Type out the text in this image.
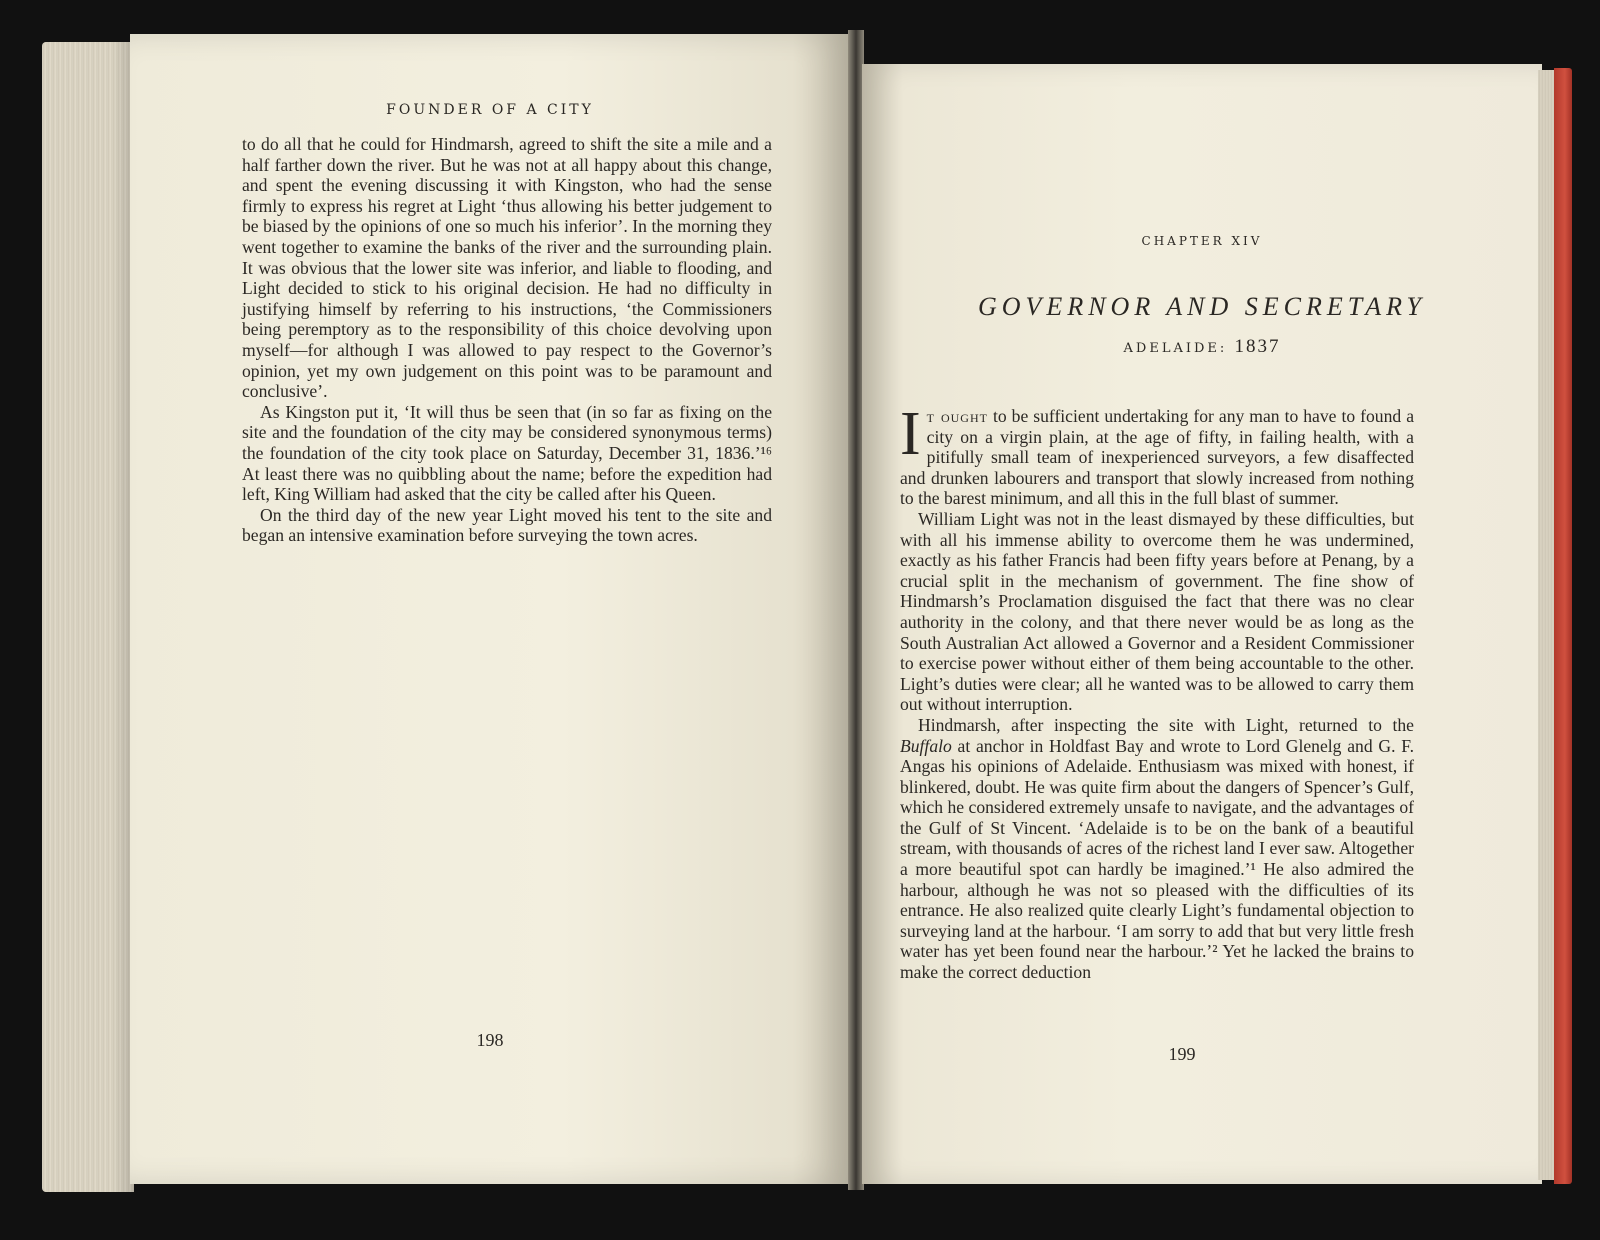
FOUNDER OF A CITY

to do all that he could for Hindmarsh, agreed to shift the site a mile and a half farther down the river. But he was not at all happy about this change, and spent the evening discussing it with Kingston, who had the sense firmly to express his regret at Light ‘thus allowing his better judgement to be biased by the opinions of one so much his inferior’. In the morning they went together to examine the banks of the river and the surrounding plain. It was obvious that the lower site was inferior, and liable to flooding, and Light decided to stick to his original decision. He had no difficulty in justifying himself by referring to his instructions, ‘the Commissioners being peremptory as to the responsibility of this choice devolving upon myself—for although I was allowed to pay respect to the Governor’s opinion, yet my own judgement on this point was to be paramount and conclusive’.

As Kingston put it, ‘It will thus be seen that (in so far as fixing on the site and the foundation of the city may be considered synonymous terms) the foundation of the city took place on Saturday, December 31, 1836.’¹⁶ At least there was no quibbling about the name; before the expedition had left, King William had asked that the city be called after his Queen.

On the third day of the new year Light moved his tent to the site and began an intensive examination before surveying the town acres.

198
CHAPTER XIV
GOVERNOR AND SECRETARY
ADELAIDE: 1837

It ought to be sufficient undertaking for any man to have to found a city on a virgin plain, at the age of fifty, in failing health, with a pitifully small team of inexperienced surveyors, a few disaffected and drunken labourers and transport that slowly increased from nothing to the barest minimum, and all this in the full blast of summer.

William Light was not in the least dismayed by these difficulties, but with all his immense ability to overcome them he was undermined, exactly as his father Francis had been fifty years before at Penang, by a crucial split in the mechanism of government. The fine show of Hindmarsh’s Proclamation disguised the fact that there was no clear authority in the colony, and that there never would be as long as the South Australian Act allowed a Governor and a Resident Commissioner to exercise power without either of them being accountable to the other. Light’s duties were clear; all he wanted was to be allowed to carry them out without interruption.

Hindmarsh, after inspecting the site with Light, returned to the Buffalo at anchor in Holdfast Bay and wrote to Lord Glenelg and G. F. Angas his opinions of Adelaide. Enthusiasm was mixed with honest, if blinkered, doubt. He was quite firm about the dangers of Spencer’s Gulf, which he considered extremely unsafe to navigate, and the advantages of the Gulf of St Vincent. ‘Adelaide is to be on the bank of a beautiful stream, with thousands of acres of the richest land I ever saw. Altogether a more beautiful spot can hardly be imagined.’¹ He also admired the harbour, although he was not so pleased with the difficulties of its entrance. He also realized quite clearly Light’s fundamental objection to surveying land at the harbour. ‘I am sorry to add that but very little fresh water has yet been found near the harbour.’² Yet he lacked the brains to make the correct deduction

199
